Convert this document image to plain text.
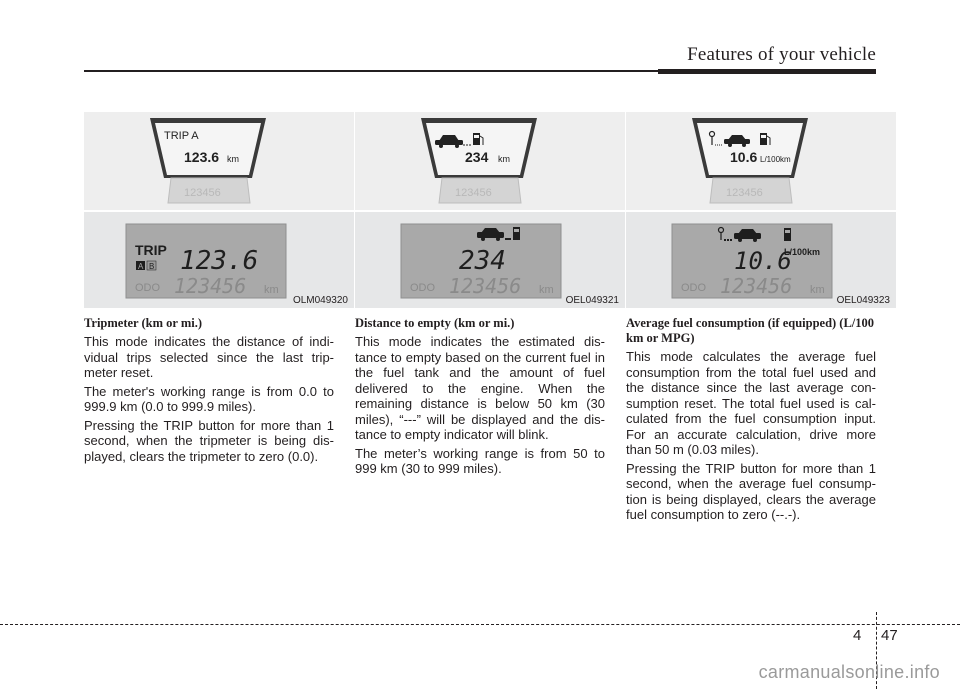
Features of your vehicle
TRIP A
123.6 km
123456
TRIP
A B 123.6
ODO 123456 km
OLM049320
234 km
123456
234
ODO 123456 km
OEL049321
10.6 L/100km
123456
10.6
L/100km
ODO 123456 km
OEL049323
Tripmeter (km or mi.)

This mode indicates the distance of indi-vidual trips selected since the last trip-meter reset.

The meter's working range is from 0.0 to 999.9 km (0.0 to 999.9 miles).

Pressing the TRIP button for more than 1 second, when the tripmeter is being dis-played, clears the tripmeter to zero (0.0).

Distance to empty (km or mi.)

This mode indicates the estimated dis-tance to empty based on the current fuel in the fuel tank and the amount of fuel delivered to the engine. When the remaining distance is below 50 km (30 miles), “---” will be displayed and the dis-tance to empty indicator will blink.

The meter’s working range is from 50 to 999 km (30 to 999 miles).

Average fuel consumption (if equipped) (L/100 km or MPG)

This mode calculates the average fuel consumption from the total fuel used and the distance since the last average con-sumption reset. The total fuel used is cal-culated from the fuel consumption input. For an accurate calculation, drive more than 50 m (0.03 miles).

Pressing the TRIP button for more than 1 second, when the average fuel consump-tion is being displayed, clears the average fuel consumption to zero (--.-).

4 47
carmanualsonline.info
